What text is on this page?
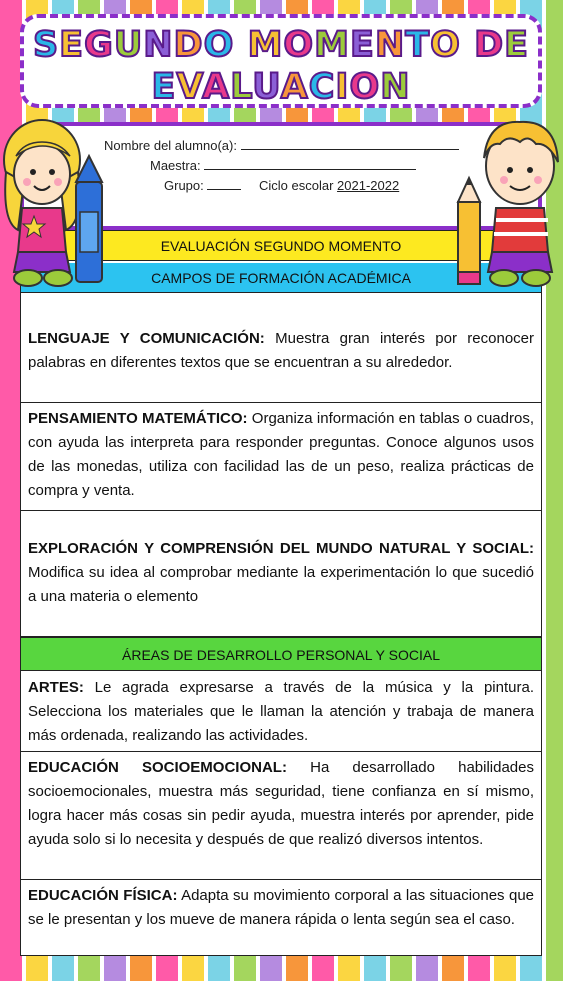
SEGUNDO MOMENTO DE
EVALUACION
Nombre del alumno(a):
Maestra:
Grupo:	Ciclo escolar 2021-2022
EVALUACIÓN SEGUNDO MOMENTO
CAMPOS DE FORMACIÓN ACADÉMICA
LENGUAJE Y COMUNICACIÓN: Muestra gran interés por reconocer palabras en diferentes textos que se encuentran a su alrededor.
PENSAMIENTO MATEMÁTICO: Organiza información en tablas o cuadros, con ayuda las interpreta para responder preguntas. Conoce algunos usos de las monedas, utiliza con facilidad las de un peso, realiza prácticas de compra y venta.
EXPLORACIÓN Y COMPRENSIÓN DEL MUNDO NATURAL Y SOCIAL: Modifica su idea al comprobar mediante la experimentación lo que sucedió a una materia o elemento
ÁREAS DE DESARROLLO PERSONAL Y SOCIAL
ARTES: Le agrada expresarse a través de la música y la pintura. Selecciona los materiales que le llaman la atención y trabaja de manera más ordenada, realizando las actividades.
EDUCACIÓN SOCIOEMOCIONAL: Ha desarrollado habilidades socioemocionales, muestra más seguridad, tiene confianza en sí mismo, logra hacer más cosas sin pedir ayuda, muestra interés por aprender, pide ayuda solo si lo necesita y después de que realizó diversos intentos.
EDUCACIÓN FÍSICA: Adapta su movimiento corporal a las situaciones que se le presentan y los mueve de manera rápida o lenta según sea el caso.
